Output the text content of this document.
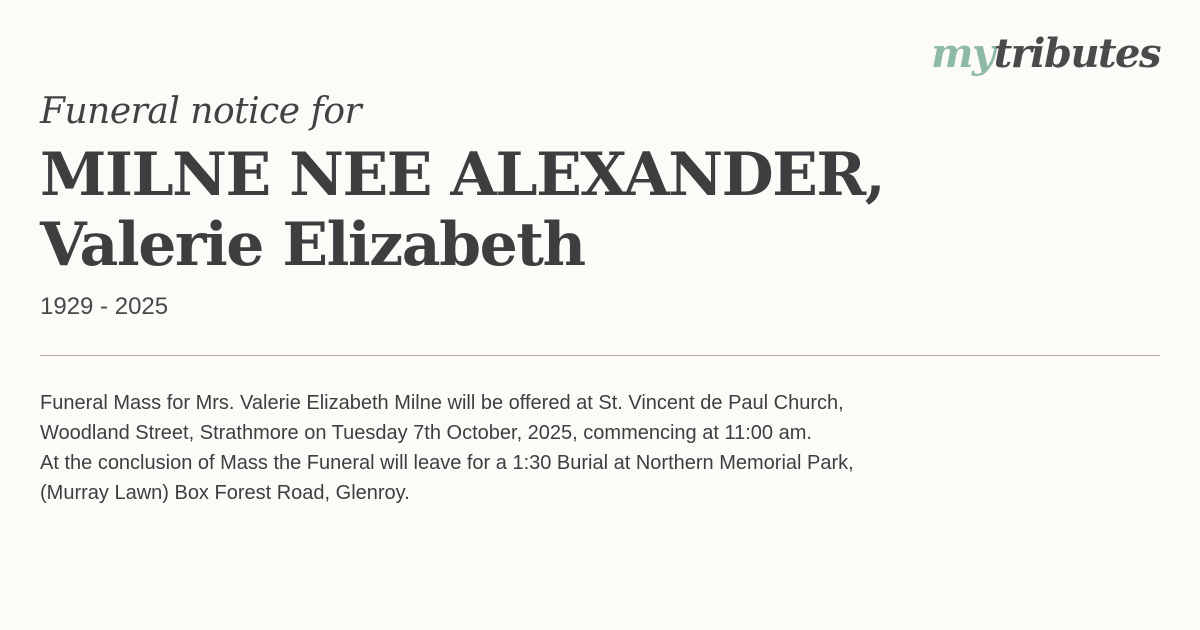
mytributes
Funeral notice for
MILNE NEE ALEXANDER,
Valerie Elizabeth
1929 - 2025
Funeral Mass for Mrs. Valerie Elizabeth Milne will be offered at St. Vincent de Paul Church,
Woodland Street, Strathmore on Tuesday 7th October, 2025, commencing at 11:00 am.
At the conclusion of Mass the Funeral will leave for a 1:30 Burial at Northern Memorial Park,
(Murray Lawn) Box Forest Road, Glenroy.
